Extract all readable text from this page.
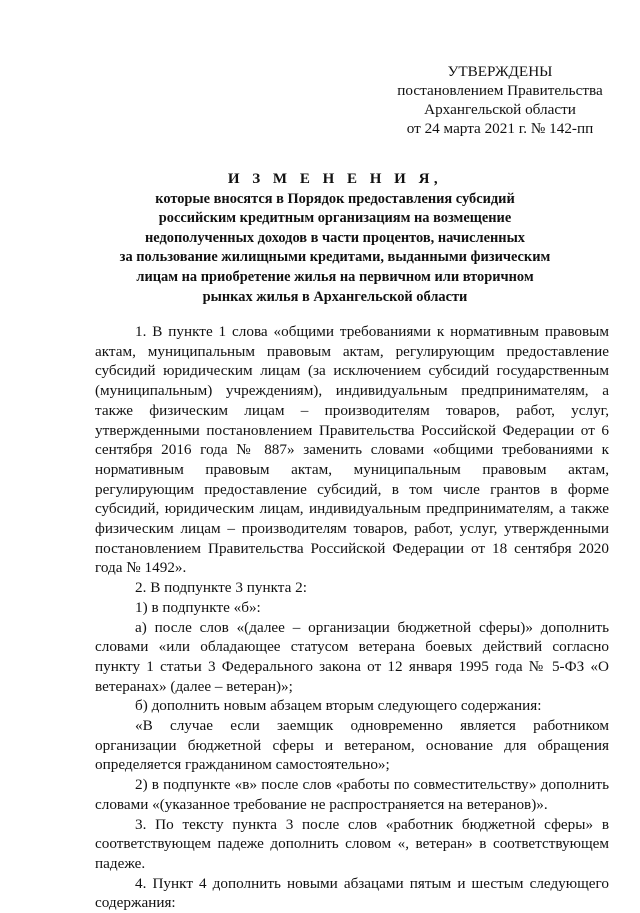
УТВЕРЖДЕНЫ
постановлением Правительства
Архангельской области
от 24 марта 2021 г. № 142-пп
И З М Е Н Е Н И Я,
которые вносятся в Порядок предоставления субсидий
российским кредитным организациям на возмещение
недополученных доходов в части процентов, начисленных
за пользование жилищными кредитами, выданными физическим
лицам на приобретение жилья на первичном или вторичном
рынках жилья в Архангельской области

1. В пункте 1 слова «общими требованиями к нормативным правовым актам, муниципальным правовым актам, регулирующим предоставление субсидий юридическим лицам (за исключением субсидий государственным (муниципальным) учреждениям), индивидуальным предпринимателям, а также физическим лицам – производителям товаров, работ, услуг, утвержденными постановлением Правительства Российской Федерации от 6 сентября 2016 года № 887» заменить словами «общими требованиями к нормативным правовым актам, муниципальным правовым актам, регулирующим предоставление субсидий, в том числе грантов в форме субсидий, юридическим лицам, индивидуальным предпринимателям, а также физическим лицам – производителям товаров, работ, услуг, утвержденными постановлением Правительства Российской Федерации от 18 сентября 2020 года № 1492».

2. В подпункте 3 пункта 2:

1) в подпункте «б»:

а) после слов «(далее – организации бюджетной сферы)» дополнить словами «или обладающее статусом ветерана боевых действий согласно пункту 1 статьи 3 Федерального закона от 12 января 1995 года № 5-ФЗ «О ветеранах» (далее – ветеран)»;

б) дополнить новым абзацем вторым следующего содержания:

«В случае если заемщик одновременно является работником организации бюджетной сферы и ветераном, основание для обращения определяется гражданином самостоятельно»;

2) в подпункте «в» после слов «работы по совместительству» дополнить словами «(указанное требование не распространяется на ветеранов)».

3. По тексту пункта 3 после слов «работник бюджетной сферы» в соответствующем падеже дополнить словом «, ветеран» в соответствующем падеже.

4. Пункт 4 дополнить новыми абзацами пятым и шестым следующего содержания:
